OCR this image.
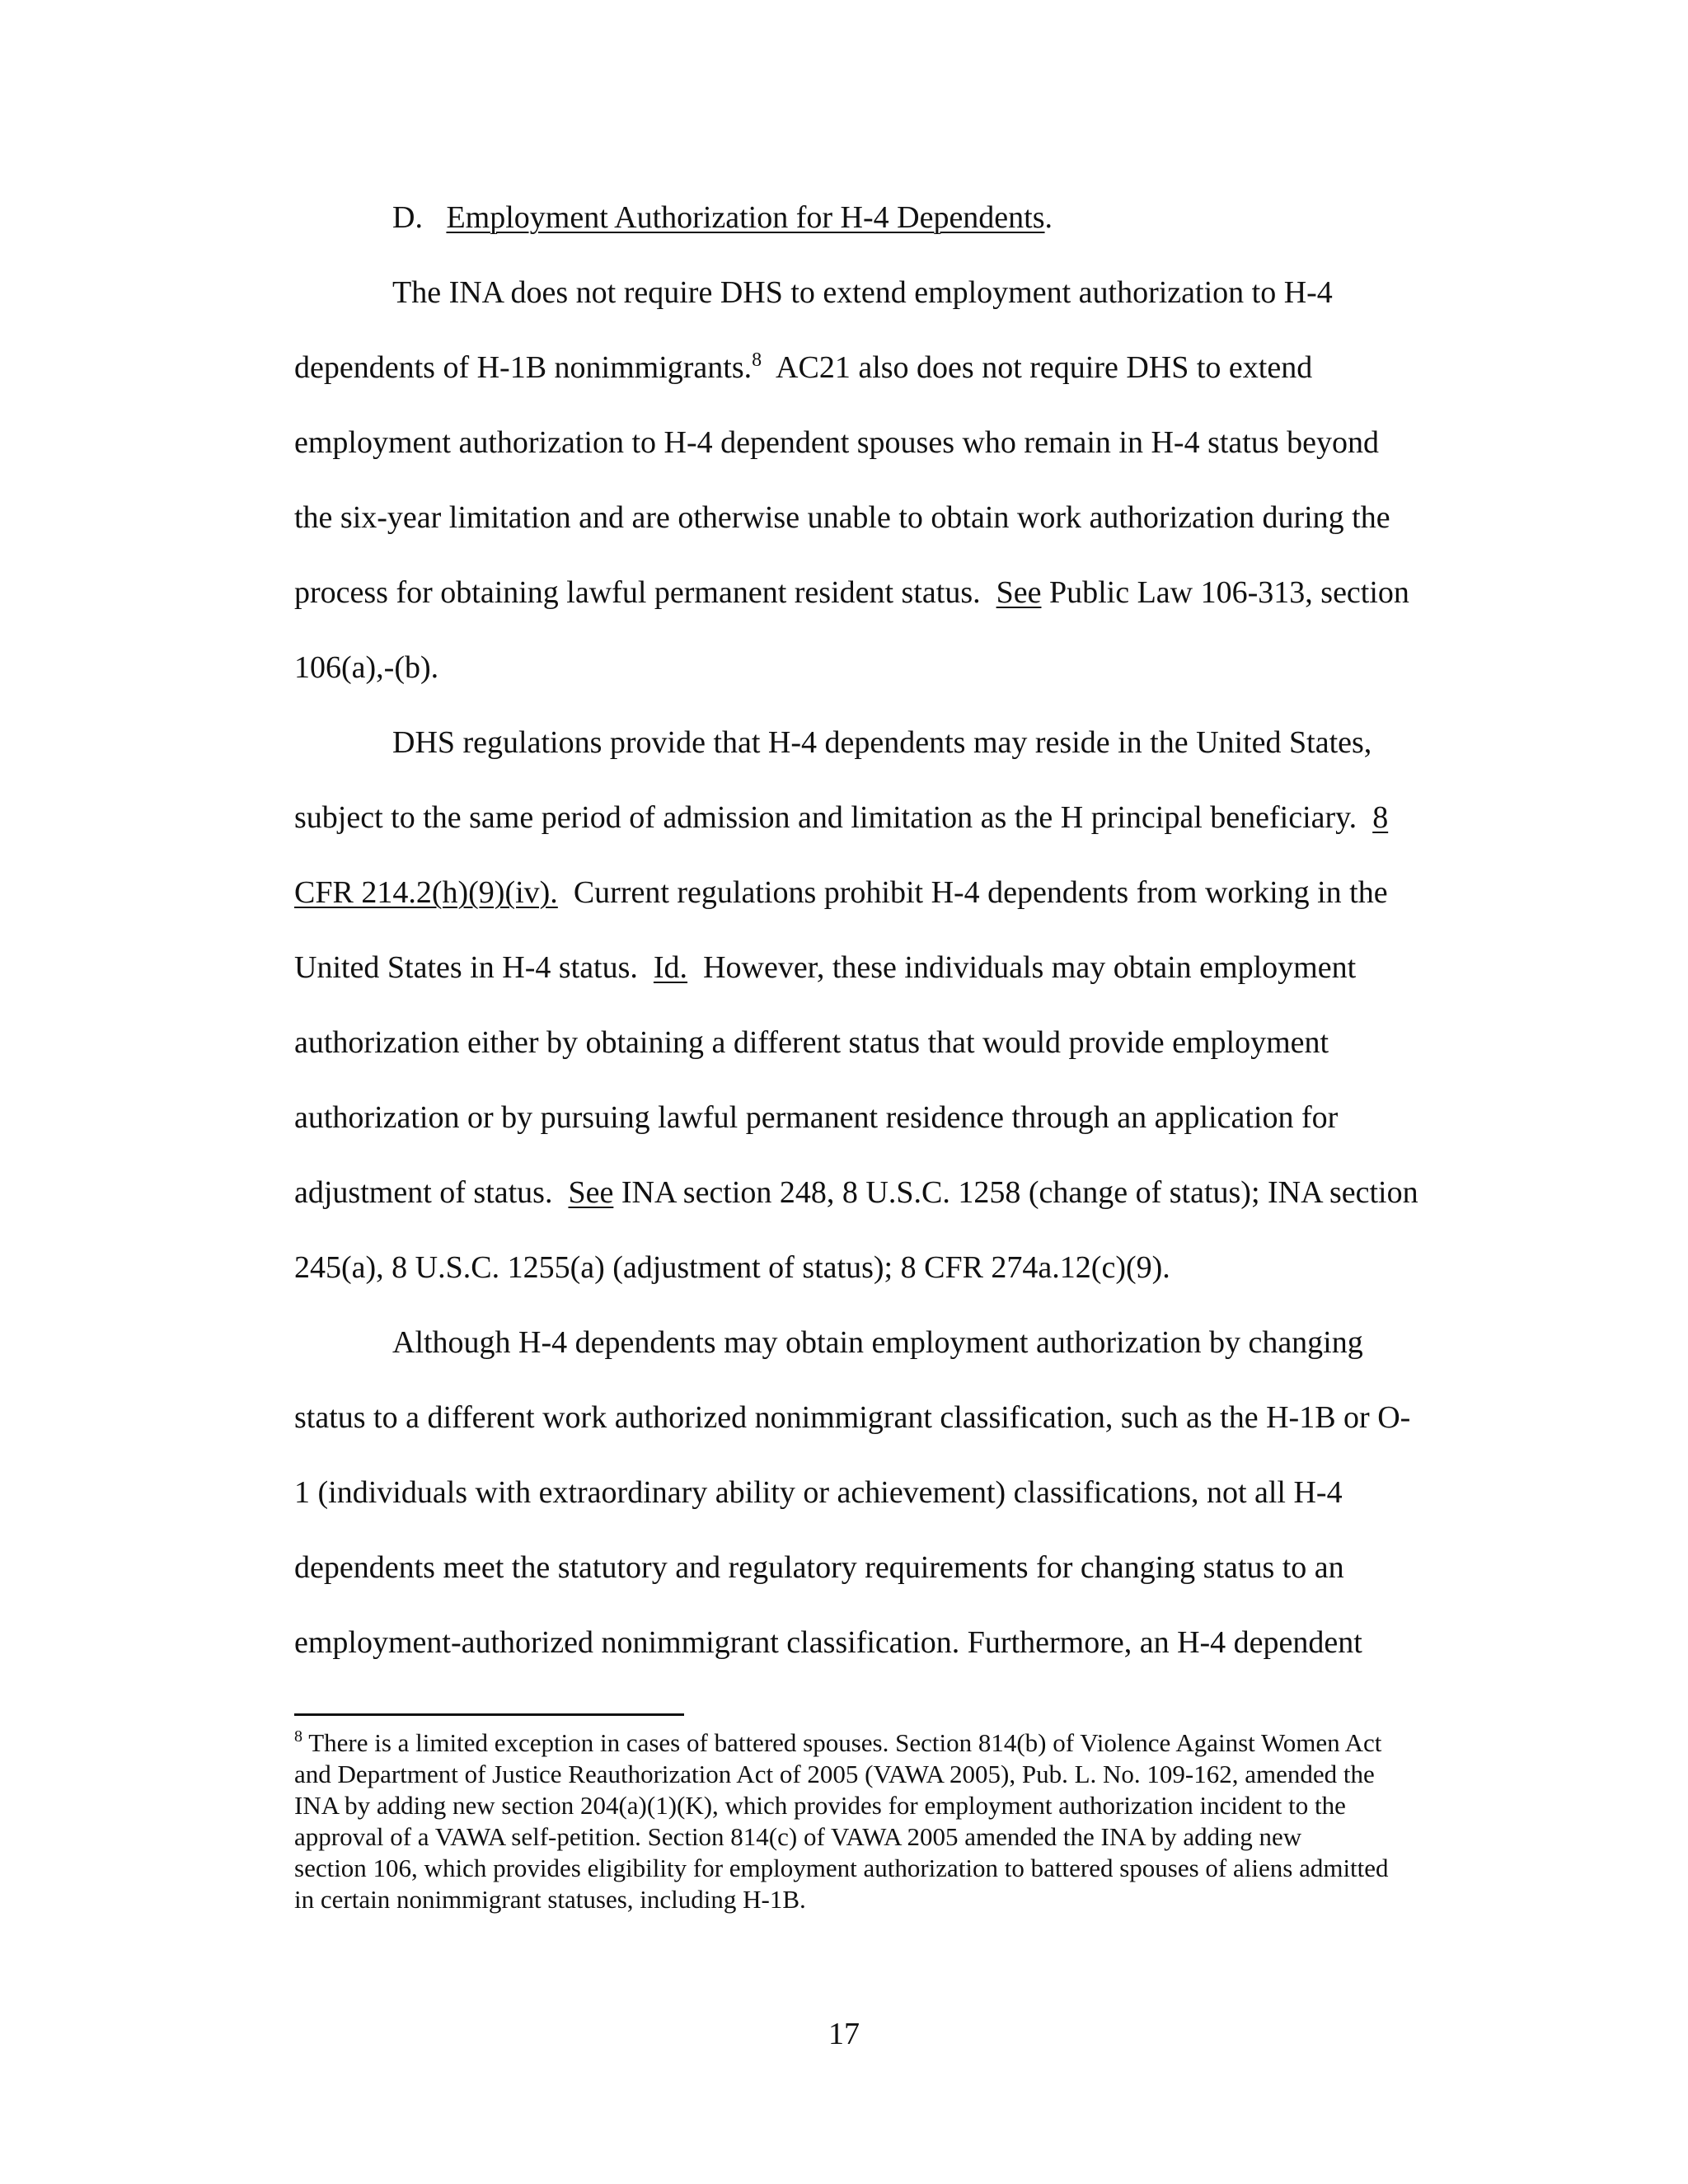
D. Employment Authorization for H-4 Dependents.
The INA does not require DHS to extend employment authorization to H-4
dependents of H-1B nonimmigrants.$^8$  AC21 also does not require DHS to extend
employment authorization to H-4 dependent spouses who remain in H-4 status beyond
the six-year limitation and are otherwise unable to obtain work authorization during the
process for obtaining lawful permanent resident status.  See Public Law 106-313, section
106(a),-(b).
DHS regulations provide that H-4 dependents may reside in the United States,
subject to the same period of admission and limitation as the H principal beneficiary.  8
CFR 214.2(h)(9)(iv).  Current regulations prohibit H-4 dependents from working in the
United States in H-4 status.  Id.  However, these individuals may obtain employment
authorization either by obtaining a different status that would provide employment
authorization or by pursuing lawful permanent residence through an application for
adjustment of status.  See INA section 248, 8 U.S.C. 1258 (change of status); INA section
245(a), 8 U.S.C. 1255(a) (adjustment of status); 8 CFR 274a.12(c)(9).
Although H-4 dependents may obtain employment authorization by changing
status to a different work authorized nonimmigrant classification, such as the H-1B or O-
1 (individuals with extraordinary ability or achievement) classifications, not all H-4
dependents meet the statutory and regulatory requirements for changing status to an
employment-authorized nonimmigrant classification. Furthermore, an H-4 dependent
$^8$ There is a limited exception in cases of battered spouses. Section 814(b) of Violence Against Women Act
and Department of Justice Reauthorization Act of 2005 (VAWA 2005), Pub. L. No. 109-162, amended the
INA by adding new section 204(a)(1)(K), which provides for employment authorization incident to the
approval of a VAWA self-petition. Section 814(c) of VAWA 2005 amended the INA by adding new
section 106, which provides eligibility for employment authorization to battered spouses of aliens admitted
in certain nonimmigrant statuses, including H-1B.
17
